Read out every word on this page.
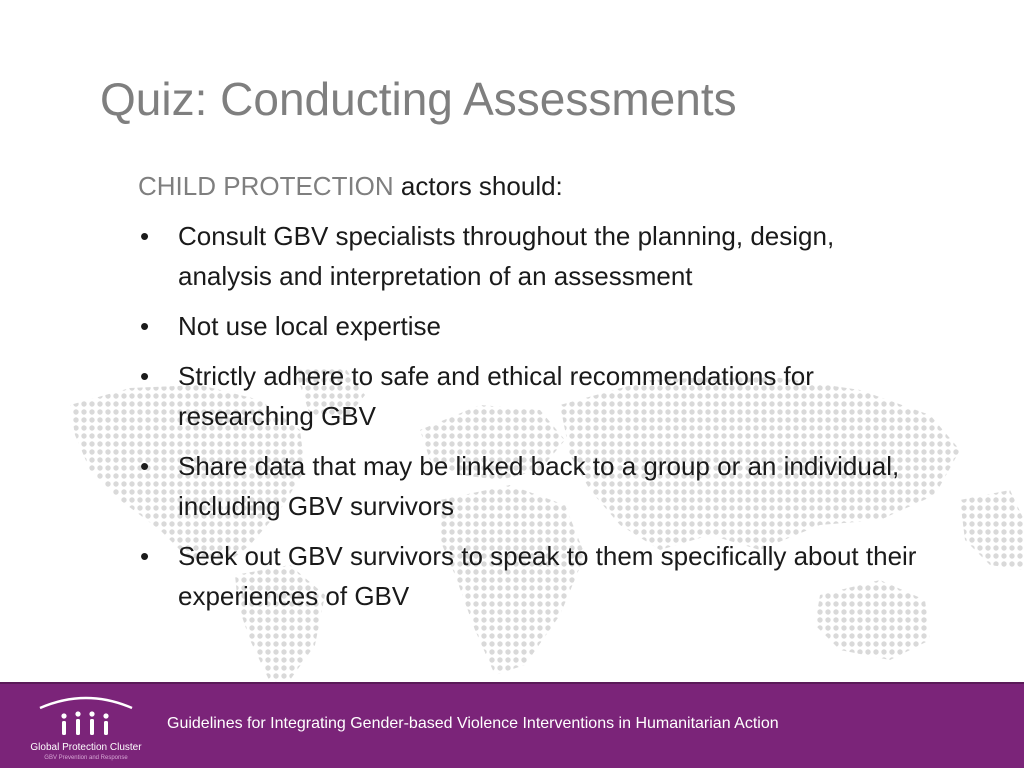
Quiz: Conducting Assessments
CHILD PROTECTION actors should:
• Consult GBV specialists throughout the planning, design, analysis and interpretation of an assessment
• Not use local expertise
• Strictly adhere to safe and ethical recommendations for researching GBV
• Share data that may be linked back to a group or an individual, including GBV survivors
• Seek out GBV survivors to speak to them specifically about their experiences of GBV
Global Protection Cluster
GBV Prevention and Response
Guidelines for Integrating Gender-based Violence Interventions in Humanitarian Action
